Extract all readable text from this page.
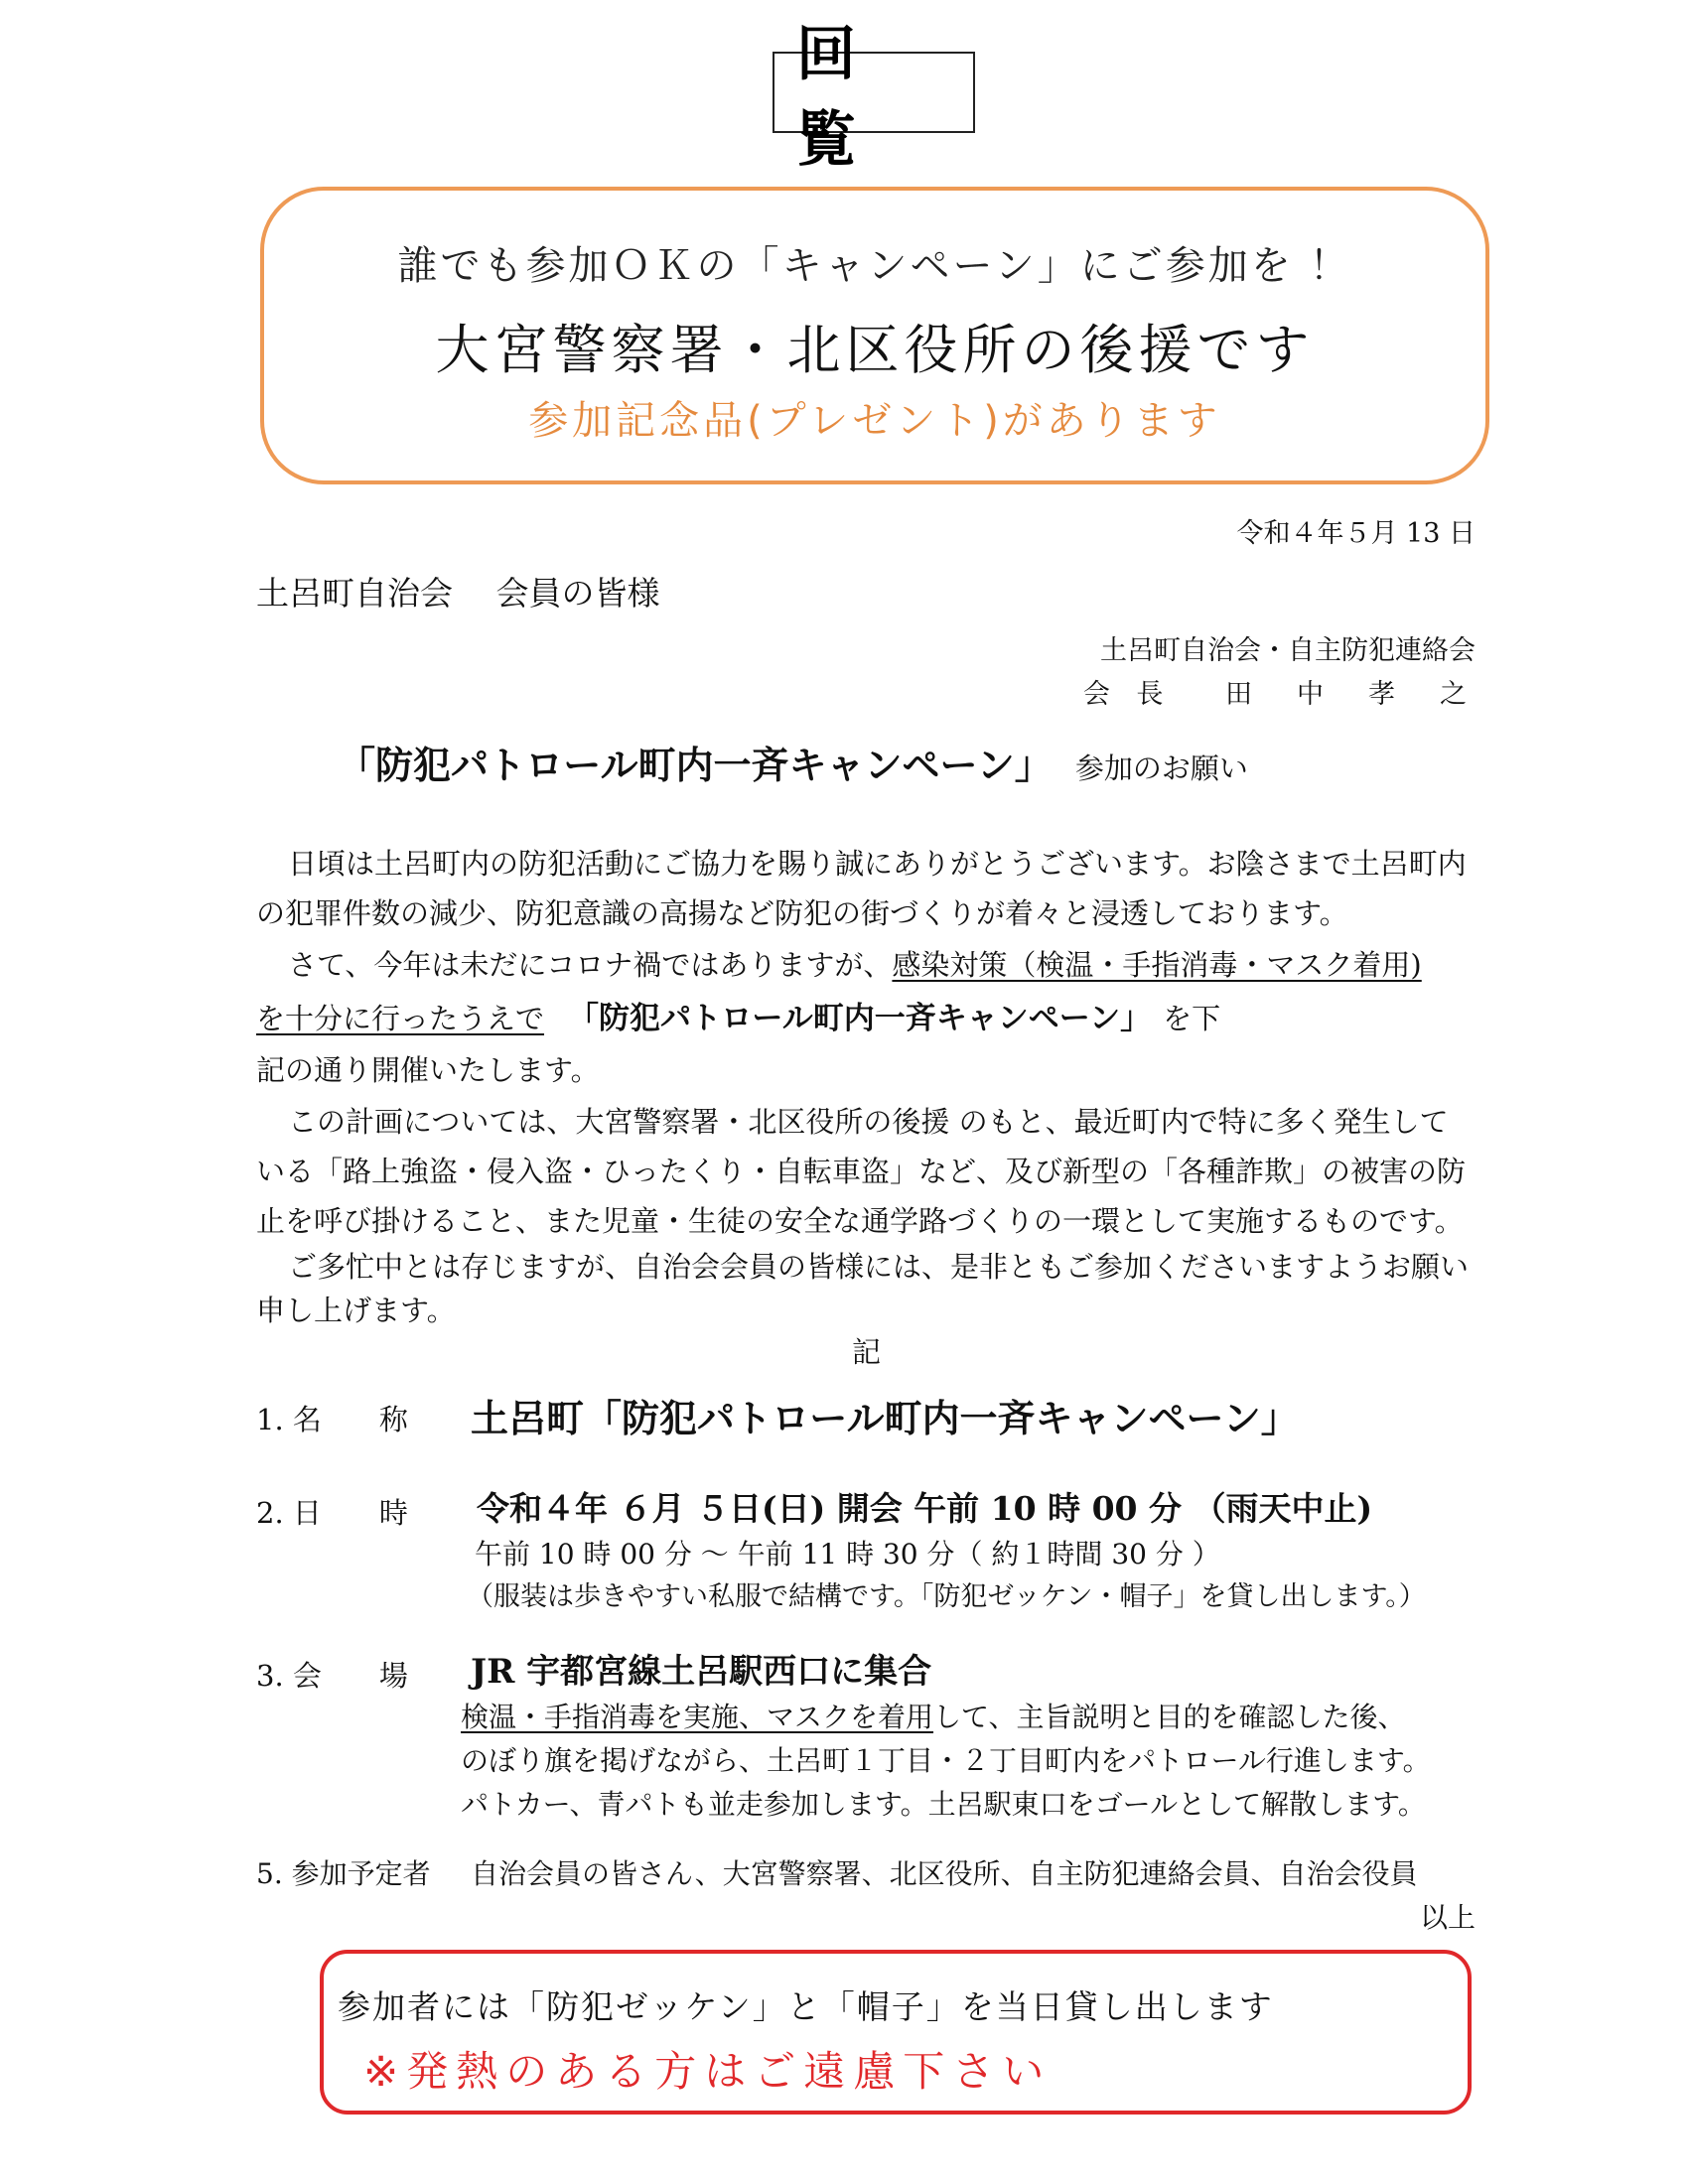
回　覧
誰でも参加ＯＫの「キャンペーン」にご参加を ！
大宮警察署・北区役所の後援です
参加記念品(プレゼント)があります
令和４年５月 13 日
土呂町自治会　 会員の皆様
土呂町自治会・自主防犯連絡会
会 長　 田　中　孝　之
「防犯パトロール町内一斉キャンペーン」 参加のお願い
日頃は土呂町内の防犯活動にご協力を賜り誠にありがとうございます。お陰さまで土呂町内
の犯罪件数の減少、防犯意識の高揚など防犯の街づくりが着々と浸透しております。
さて、今年は未だにコロナ禍ではありますが、感染対策（検温・手指消毒・マスク着用)
を十分に行ったうえで 「防犯パトロール町内一斉キャンペーン」 を下
記の通り開催いたします。
この計画については、大宮警察署・北区役所の後援 のもと、最近町内で特に多く発生して
いる「路上強盗・侵入盗・ひったくり・自転車盗」など、及び新型の「各種詐欺」の被害の防
止を呼び掛けること、また児童・生徒の安全な通学路づくりの一環として実施するものです。
ご多忙中とは存じますが、自治会会員の皆様には、是非ともご参加くださいますようお願い
申し上げます。
記
1. 名　　称 土呂町「防犯パトロール町内一斉キャンペーン」
2. 日　　時 令和４年 ６月 ５日(日) 開会 午前 10 時 00 分 （雨天中止)
午前 10 時 00 分 ～ 午前 11 時 30 分（ 約１時間 30 分 ）
（服装は歩きやすい私服で結構です。｢防犯ゼッケン・帽子」を貸し出します。）
3. 会　　場 JR 宇都宮線土呂駅西口に集合
検温・手指消毒を実施、マスクを着用して、主旨説明と目的を確認した後、
のぼり旗を掲げながら、土呂町１丁目・２丁目町内をパトロール行進します。
パトカー、青パトも並走参加します。土呂駅東口をゴールとして解散します。
5. 参加予定者 自治会員の皆さん、大宮警察署、北区役所、自主防犯連絡会員、自治会役員
以上
参加者には「防犯ゼッケン」と「帽子」を当日貸し出します
※発熱のある方はご遠慮下さい
